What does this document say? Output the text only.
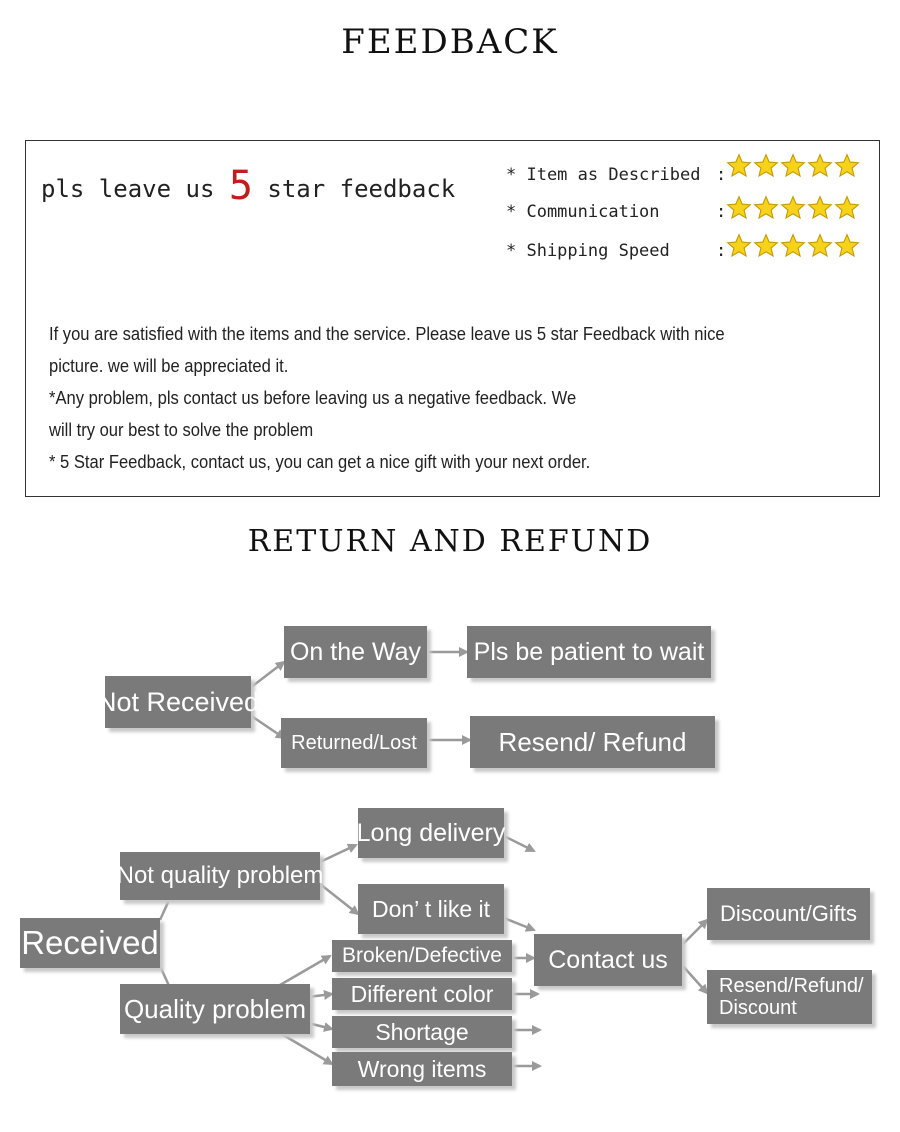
FEEDBACK
pls leave us 5 star feedback	* Item as Described :
* Communication	:
* Shipping Speed	:
If you are satisfied with the items and the service. Please leave us 5 star Feedback with nice
picture. we will be appreciated it.
*Any problem, pls contact us before leaving us a negative feedback. We
will try our best to solve the problem
* 5 Star Feedback, contact us, you can get a nice gift with your next order.
RETURN AND REFUND
Not Received
On the Way Pls be patient to wait
Returned/Lost	Resend/ Refund
Received
Not quality problem
Long delivery
Don’ t like it
Quality problem
Broken/Defective
Different color
Shortage
Wrong items
Contact us
Discount/Gifts
Resend/Refund/
Discount
